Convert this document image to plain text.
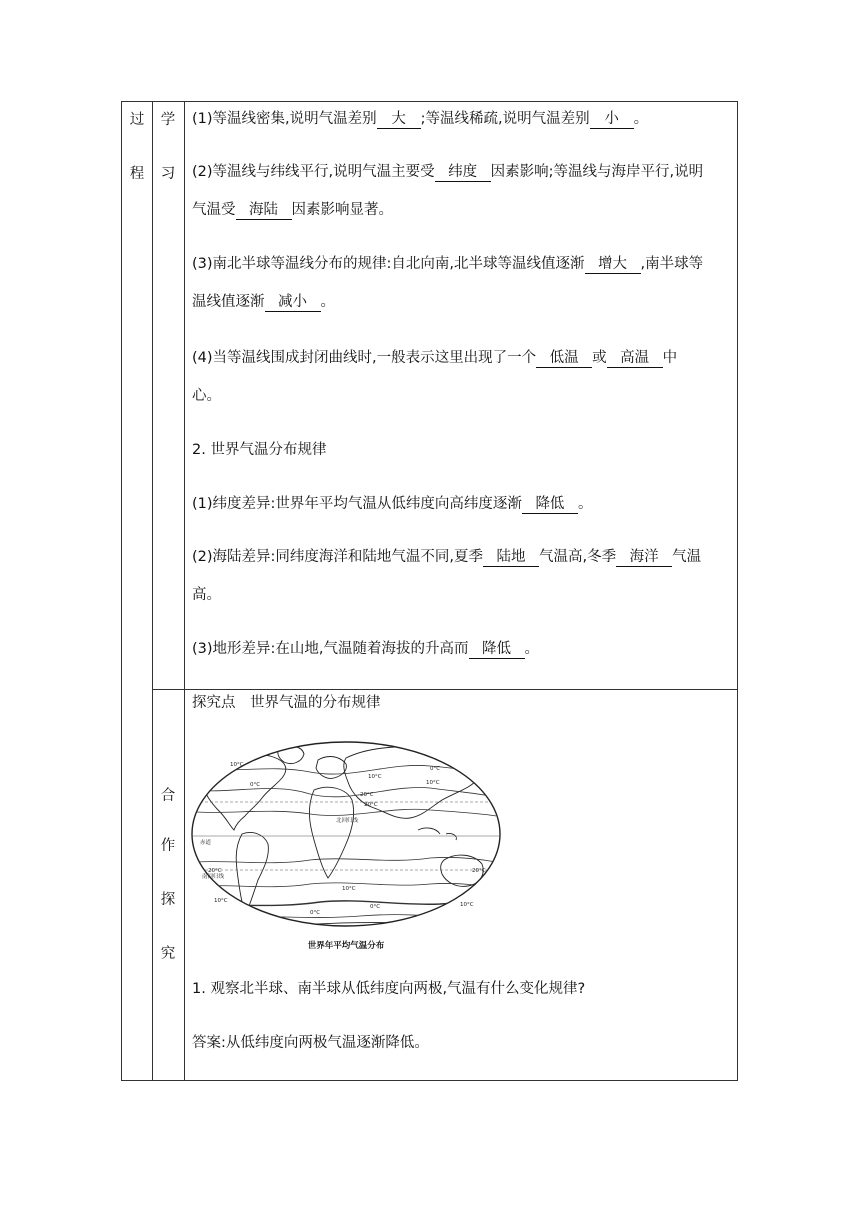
过
程
学
习
合
作
探
究
(1)等温线密集,说明气温差别 大 ;等温线稀疏,说明气温差别 小 。
(2)等温线与纬线平行,说明气温主要受 纬度 因素影响;等温线与海岸平行,说明
气温受 海陆 因素影响显著。
(3)南北半球等温线分布的规律:自北向南,北半球等温线值逐渐 增大 ,南半球等
温线值逐渐 减小 。
(4)当等温线围成封闭曲线时,一般表示这里出现了一个 低温 或 高温 中
心。
2. 世界气温分布规律
(1)纬度差异:世界年平均气温从低纬度向高纬度逐渐 降低 。
(2)海陆差异:同纬度海洋和陆地气温不同,夏季 陆地 气温高,冬季 海洋 气温
高。
(3)地形差异:在山地,气温随着海拔的升高而 降低 。
探究点　世界气温的分布规律
10°C
0°C
10°C
20°C
20°C
10°C
0°C
20°C	20°C
10°C
10°C
0°C	10°C
0°C
北回归线
赤道
南回归线
世界年平均气温分布
1. 观察北半球、南半球从低纬度向两极,气温有什么变化规律?
答案:从低纬度向两极气温逐渐降低。
